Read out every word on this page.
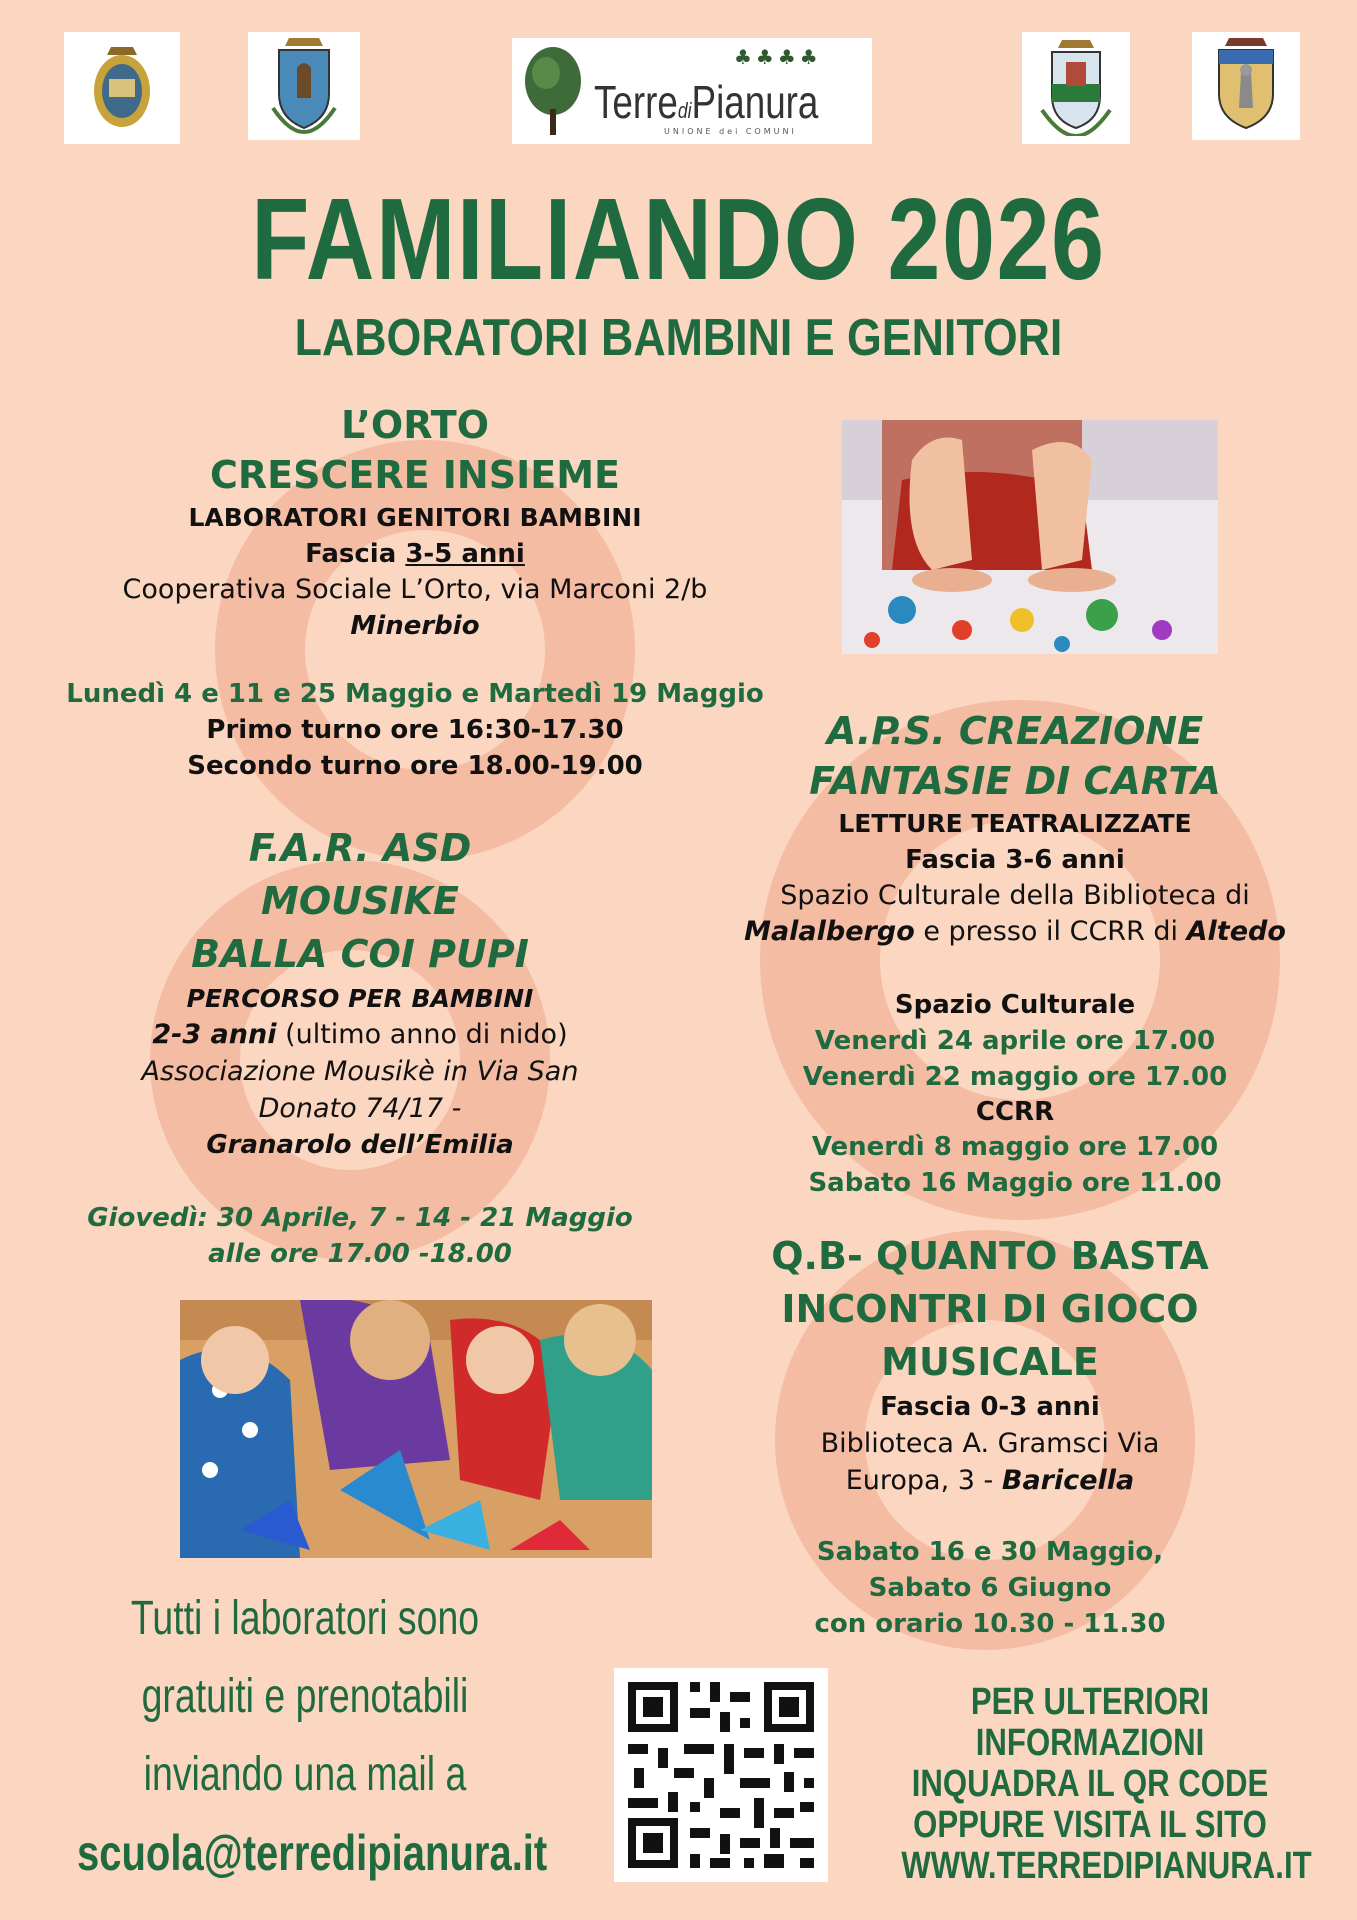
♣♣♣♣
TerrediPianura
UNIONE dei COMUNI
FAMILIANDO 2026
LABORATORI BAMBINI E GENITORI
L’ORTO
CRESCERE INSIEME
LABORATORI GENITORI BAMBINI
Fascia 3-5 anni
Cooperativa Sociale L’Orto, via Marconi 2/b
Minerbio
Lunedì 4 e 11 e 25 Maggio e Martedì 19 Maggio
Primo turno ore 16:30-17.30
Secondo turno ore 18.00-19.00
A.P.S. CREAZIONE
FANTASIE DI CARTA
LETTURE TEATRALIZZATE
Fascia 3-6 anni
Spazio Culturale della Biblioteca di
Malalbergo e presso il CCRR di Altedo
Spazio Culturale
Venerdì 24 aprile ore 17.00
Venerdì 22 maggio ore 17.00
CCRR
Venerdì 8 maggio ore 17.00
Sabato 16 Maggio ore 11.00
F.A.R. ASD
MOUSIKE
BALLA COI PUPI
PERCORSO PER BAMBINI
2-3 anni (ultimo anno di nido)
Associazione Mousikè in Via San
Donato 74/17 -
Granarolo dell’Emilia
Giovedì: 30 Aprile, 7 - 14 - 21 Maggio
alle ore 17.00 -18.00	Q.B- QUANTO BASTA
INCONTRI DI GIOCO
MUSICALE
Fascia 0-3 anni
Biblioteca A. Gramsci Via
Europa, 3 - Baricella
Sabato 16 e 30 Maggio,
Sabato 6 Giugno
con orario 10.30 - 11.30
Tutti i laboratori sono
gratuiti e prenotabili
inviando una mail a
scuola@terredipianura.it
PER ULTERIORI
INFORMAZIONI
INQUADRA IL QR CODE
OPPURE VISITA IL SITO
WWW.TERREDIPIANURA.IT
